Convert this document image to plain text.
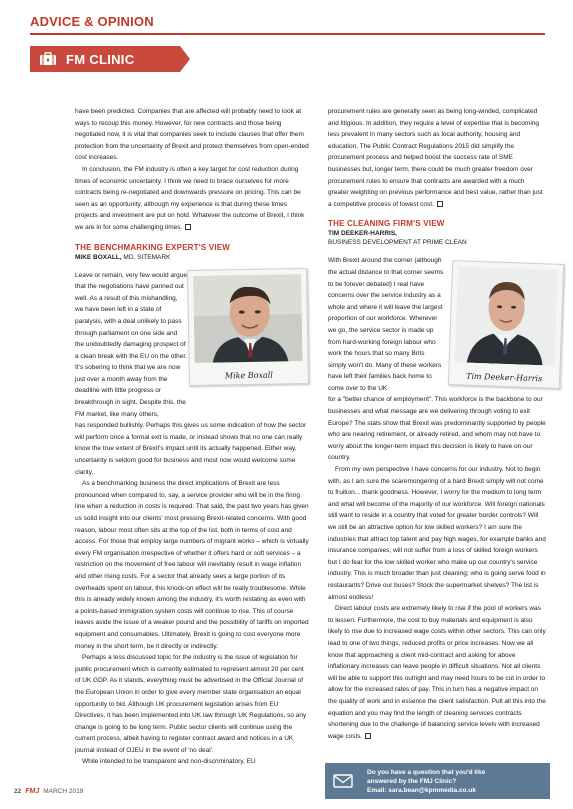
ADVICE & OPINION
FM CLINIC

have been predicted. Companies that are affected will probably need to look at ways to recoup this money. However, for new contracts and those being negotiated now, it is vital that companies seek to include clauses that offer them protection from the uncertainty of Brexit and protect themselves from open-ended cost increases.

In conclusion, the FM industry is often a key target for cost reduction during times of economic uncertainty. I think we need to brace ourselves for more contracts being re-negotiated and downwards pressure on pricing. This can be seen as an opportunity, although my experience is that during these times projects and investment are put on hold. Whatever the outcome of Brexit, I think we are in for some challenging times.

THE BENCHMARKING EXPERT'S VIEW
MIKE BOXALL, MD, SITEMARK
Leave or remain, very few would argue that the negotiations have panned out well. As a result of this mishandling, we have been left in a state of paralysis, with a deal unlikely to pass through parliament on one side and the undoubtedly damaging prospect of a clean break with the EU on the other. It's sobering to think that we are now just over a month away from the deadline with little progress or breakthrough in sight. Despite this, the FM market, like many others,

has responded bullishly. Perhaps this gives us some indication of how the sector will perform once a formal exit is made, or instead shows that no one can really know the true extent of Brexit's impact until its actually happened. Either way, uncertainty is seldom good for business and most now would welcome some clarity.

As a benchmarking business the direct implications of Brexit are less pronounced when compared to, say, a service provider who will be in the firing line when a reduction in costs is required. That said, the past two years has given us solid insight into our clients' most pressing Brexit-related concerns. With good reason, labour most often sits at the top of the list, both in terms of cost and access. For those that employ large numbers of migrant works – which is virtually every FM organisation irrespective of whether it offers hard or soft services – a restriction on the movement of free labour will inevitably result in wage inflation and other rising costs. For a sector that already sees a large portion of its overheads spent on labour, this knock-on effect will be really troublesome. While this is already widely known among the industry, it's worth restating as even with a points-based immigration system costs will continue to rise. This of course leaves aside the issue of a weaker pound and the possibility of tariffs on imported equipment and consumables. Ultimately, Brexit is going to cost everyone more money in the short term, be it directly or indirectly.

Perhaps a less discussed topic for the industry is the issue of legislation for public procurement which is currently estimated to represent almost 20 per cent of UK GDP. As it stands, everything must be advertised in the Official Journal of the European Union in order to give every member state organisation an equal opportunity to bid. Although UK procurement legislation arises from EU Directives, it has been implemented into UK law through UK Regulations, so any change is going to be long term. Public sector clients will continue using the current process, albeit having to register contract award and notices in a UK journal instead of OJEU in the event of 'no deal'.

While intended to be transparent and non-discriminatory, EU

Mike Boxall

procurement rules are generally seen as being long-winded, complicated and litigious. In addition, they require a level of expertise that is becoming less prevalent in many sectors such as local authority, housing and education. The Public Contract Regulations 2015 did simplify the procurement process and helped boost the success rate of SME businesses but, longer term, there could be much greater freedom over procurement rules to ensure that contracts are awarded with a much greater weighting on previous performance and best value, rather than just a competitive process of lowest cost.

THE CLEANING FIRM'S VIEW
TIM DEEKER-HARRIS,
BUSINESS DEVELOPMENT AT PRIME CLEAN
With Brexit around the corner (although the actual distance to that corner seems to be forever debated) I real have concerns over the service industry as a whole and where it will leave the largest proportion of our workforce. Wherever we go, the service sector is made up from hard-working foreign labour who work the hours that so many Brits simply won't do. Many of these workers have left their families back home to come over to the UK

for a "better chance of employment". This workforce is the backbone to our businesses and what message are we delivering through voting to exit Europe? The stats show that Brexit was predominantly supported by people who are nearing retirement, or already retired, and whom may not have to worry about the longer-term impact this decision is likely to have on our country.

From my own perspective I have concerns for our industry. Not to begin with, as I am sure the scaremongering of a hard Brexit simply will not come to fruition... thank goodness. However, I worry for the medium to long term and what will become of the majority of our workforce. Will foreign nationals still want to reside in a country that voted for greater border controls? Will we still be an attractive option for low skilled workers? I am sure the industries that attract top talent and pay high wages, for example banks and insurance companies, will not suffer from a loss of skilled foreign workers but I do fear for the low skilled worker who make up our country's service industry. This is much broader than just cleaning; who is going serve food in restaurants? Drive our buses? Stock the supermarket shelves? The list is almost endless!

Direct labour costs are extremely likely to rise if the pool of workers was to lessen. Furthermore, the cost to buy materials and equipment is also likely to rise due to increased wage costs within other sectors. This can only lead to one of two things, reduced profits or price increases. Now we all know that approaching a client mid-contract and asking for above inflationary increases can leave people in difficult situations. Not all clients will be able to support this outright and may need hours to be cut in order to allow for the increased rates of pay. This in turn has a negative impact on the quality of work and in essence the client satisfaction. Pull all this into the equation and you may find the length of cleaning services contracts shortening due to the challenge of balancing service levels with increased wage costs.

Tim Deeker-Harris
Do you have a question that you'd like
answered by the FMJ Clinic?
Email: sara.bean@kpmmedia.co.uk
22 FMJ MARCH 2019
